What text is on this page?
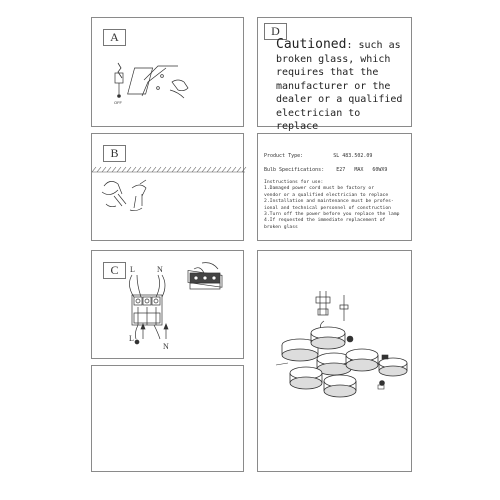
A
OFF
D
Cautioned: such as
broken glass, which
requires that the
manufacturer or the
dealer or a qualified
electrician to replace
B	Product Type:	SL 483.502.09
Bulb Specifications: E27   MAX   60WX9
Instructions for use:
1.Damaged power cord must be factory or
vendor or a qualified electrician to replace
2.Installation and maintenance must be profes-
ional and technical personnel of construction
3.Turn off the power before you replace the lamp
4.If requested the immediate replacement of
broken glass
C	L	N
L
N
